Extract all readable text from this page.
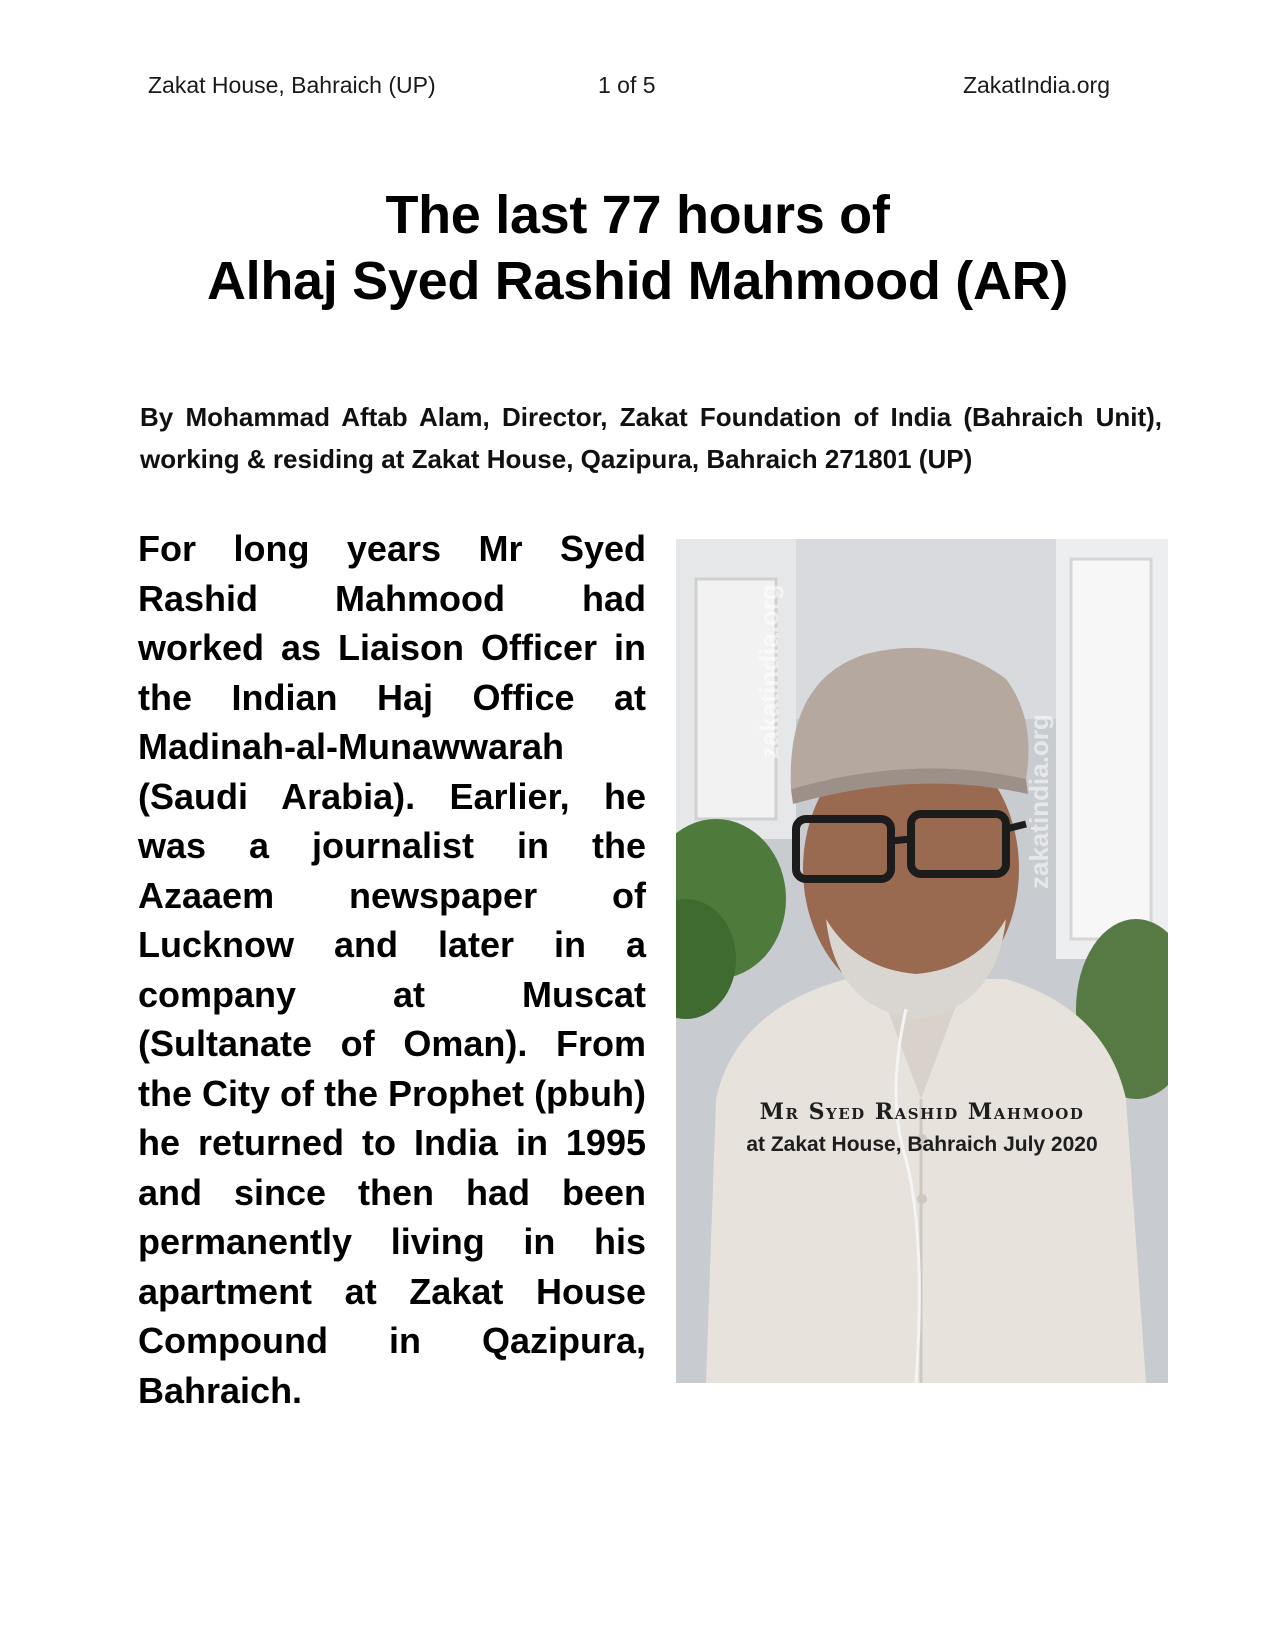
Zakat House, Bahraich (UP)	1 of 5	ZakatIndia.org
The last 77 hours of
Alhaj Syed Rashid Mahmood (AR)
By Mohammad Aftab Alam, Director, Zakat Foundation of India (Bahraich Unit), working & residing at Zakat House, Qazipura, Bahraich 271801 (UP)
For long years Mr Syed Rashid Mahmood had worked as Liaison Officer in the Indian Haj Office at Madinah-al-Munawwarah (Saudi Arabia). Earlier, he was a journalist in the Azaaem newspaper of Lucknow and later in a company at Muscat (Sultanate of Oman). From the City of the Prophet (pbuh) he returned to India in 1995 and since then had been permanently living in his apartment at Zakat House Compound in Qazipura, Bahraich.
zakatindia.org
zakatindia.org
Mr Syed Rashid Mahmood
at Zakat House, Bahraich July 2020
